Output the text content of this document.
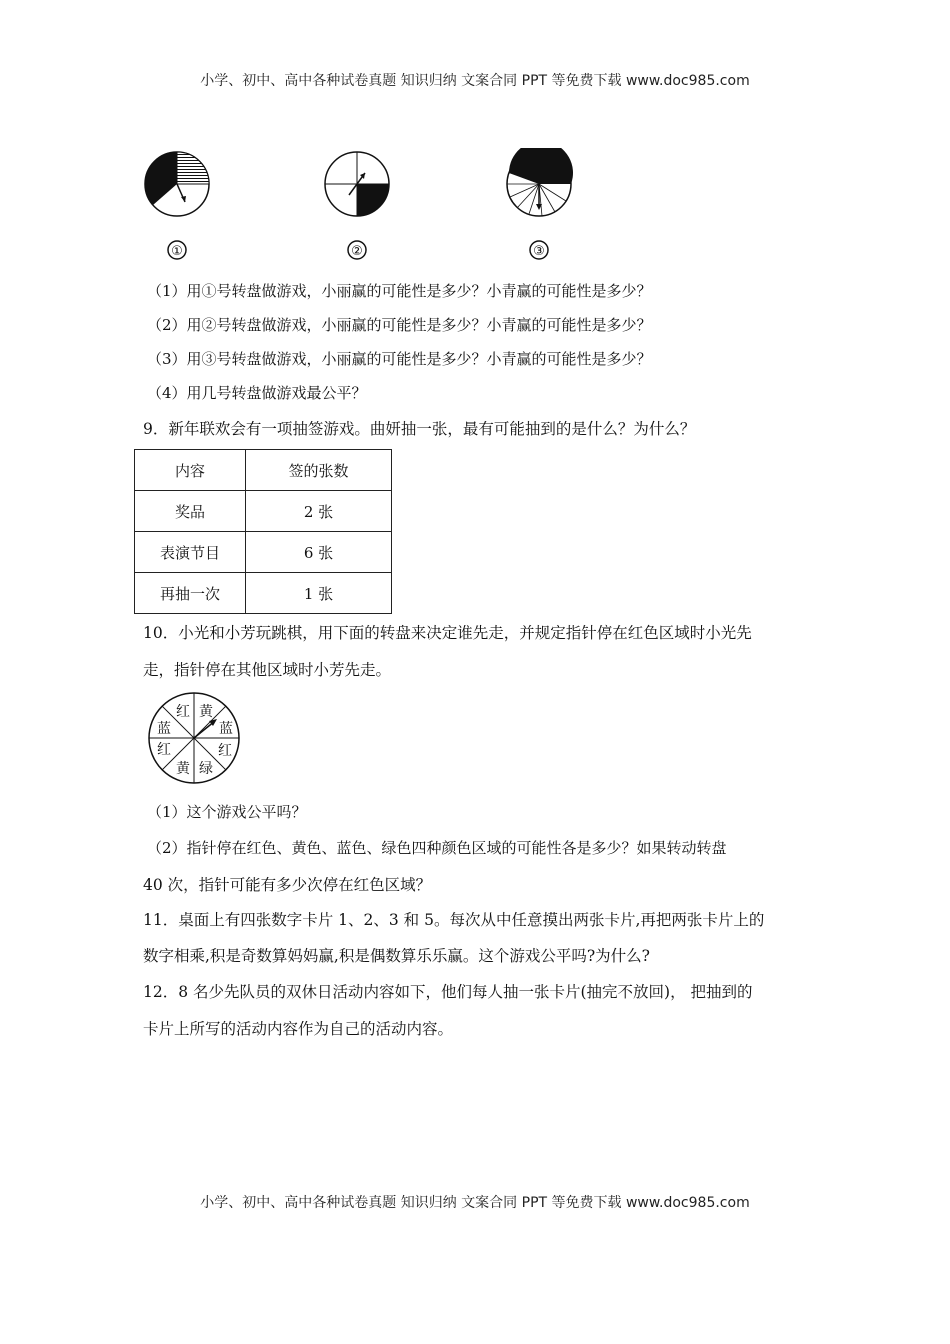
小学、初中、高中各种试卷真题 知识归纳 文案合同 PPT 等免费下载 www.doc985.com
①	②	③
（1）用①号转盘做游戏，小丽赢的可能性是多少？小青赢的可能性是多少？
（2）用②号转盘做游戏，小丽赢的可能性是多少？小青赢的可能性是多少？
（3）用③号转盘做游戏，小丽赢的可能性是多少？小青赢的可能性是多少？
（4）用几号转盘做游戏最公平？
9．新年联欢会有一项抽签游戏。曲妍抽一张，最有可能抽到的是什么？为什么？
内容	签的张数
奖品	2 张
表演节目	6 张
再抽一次	1 张
10．小光和小芳玩跳棋，用下面的转盘来决定谁先走，并规定指针停在红色区域时小光先
走，指针停在其他区域时小芳先走。
红 黄
蓝
红
绿
黄
红
蓝
（1）这个游戏公平吗？
（2）指针停在红色、黄色、蓝色、绿色四种颜色区域的可能性各是多少？如果转动转盘
40 次，指针可能有多少次停在红色区域？
11．桌面上有四张数字卡片 1、2、3 和 5。每次从中任意摸出两张卡片,再把两张卡片上的
数字相乘,积是奇数算妈妈赢,积是偶数算乐乐赢。这个游戏公平吗?为什么?
12．8 名少先队员的双休日活动内容如下，他们每人抽一张卡片(抽完不放回)， 把抽到的
卡片上所写的活动内容作为自己的活动内容。
小学、初中、高中各种试卷真题 知识归纳 文案合同 PPT 等免费下载 www.doc985.com
